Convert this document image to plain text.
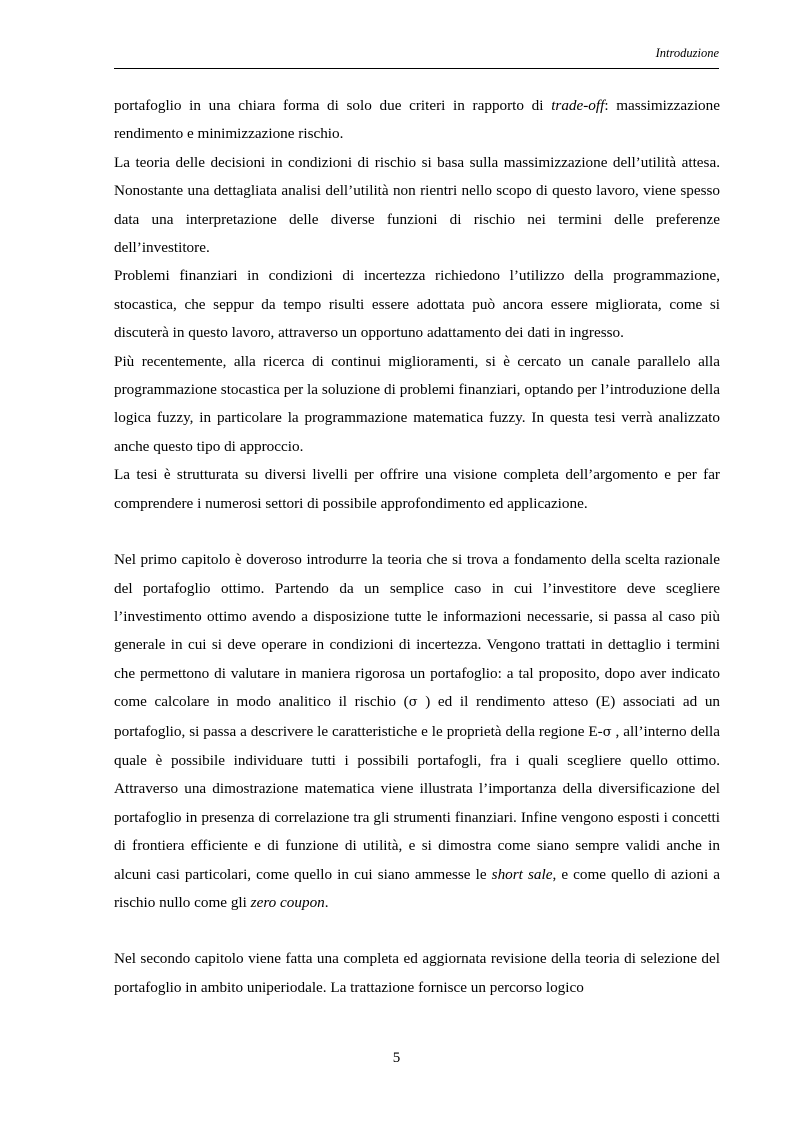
Introduzione

portafoglio in una chiara forma di solo due criteri in rapporto di trade-off: massimizzazione rendimento e minimizzazione rischio.

La teoria delle decisioni in condizioni di rischio si basa sulla massimizzazione dell’utilità attesa. Nonostante una dettagliata analisi dell’utilità non rientri nello scopo di questo lavoro, viene spesso data una interpretazione delle diverse funzioni di rischio nei termini delle preferenze dell’investitore.

Problemi finanziari in condizioni di incertezza richiedono l’utilizzo della programmazione, stocastica, che seppur da tempo risulti essere adottata può ancora essere migliorata, come si discuterà in questo lavoro, attraverso un opportuno adattamento dei dati in ingresso.

Più recentemente, alla ricerca di continui miglioramenti, si è cercato un canale parallelo alla programmazione stocastica per la soluzione di problemi finanziari, optando per l’introduzione della logica fuzzy, in particolare la programmazione matematica fuzzy. In questa tesi verrà analizzato anche questo tipo di approccio.

La tesi è strutturata su diversi livelli per offrire una visione completa dell’argomento e per far comprendere i numerosi settori di possibile approfondimento ed applicazione.

Nel primo capitolo è doveroso introdurre la teoria che si trova a fondamento della scelta razionale del portafoglio ottimo. Partendo da un semplice caso in cui l’investitore deve scegliere l’investimento ottimo avendo a disposizione tutte le informazioni necessarie, si passa al caso più generale in cui si deve operare in condizioni di incertezza. Vengono trattati in dettaglio i termini che permettono di valutare in maniera rigorosa un portafoglio: a tal proposito, dopo aver indicato come calcolare in modo analitico il rischio (σ ) ed il rendimento atteso (E) associati ad un portafoglio, si passa a descrivere le caratteristiche e le proprietà della regione E-σ , all’interno della quale è possibile individuare tutti i possibili portafogli, fra i quali scegliere quello ottimo. Attraverso una dimostrazione matematica viene illustrata l’importanza della diversificazione del portafoglio in presenza di correlazione tra gli strumenti finanziari. Infine vengono esposti i concetti di frontiera efficiente e di funzione di utilità, e si dimostra come siano sempre validi anche in alcuni casi particolari, come quello in cui siano ammesse le short sale, e come quello di azioni a rischio nullo come gli zero coupon.

Nel secondo capitolo viene fatta una completa ed aggiornata revisione della teoria di selezione del portafoglio in ambito uniperiodale. La trattazione fornisce un percorso logico

5
